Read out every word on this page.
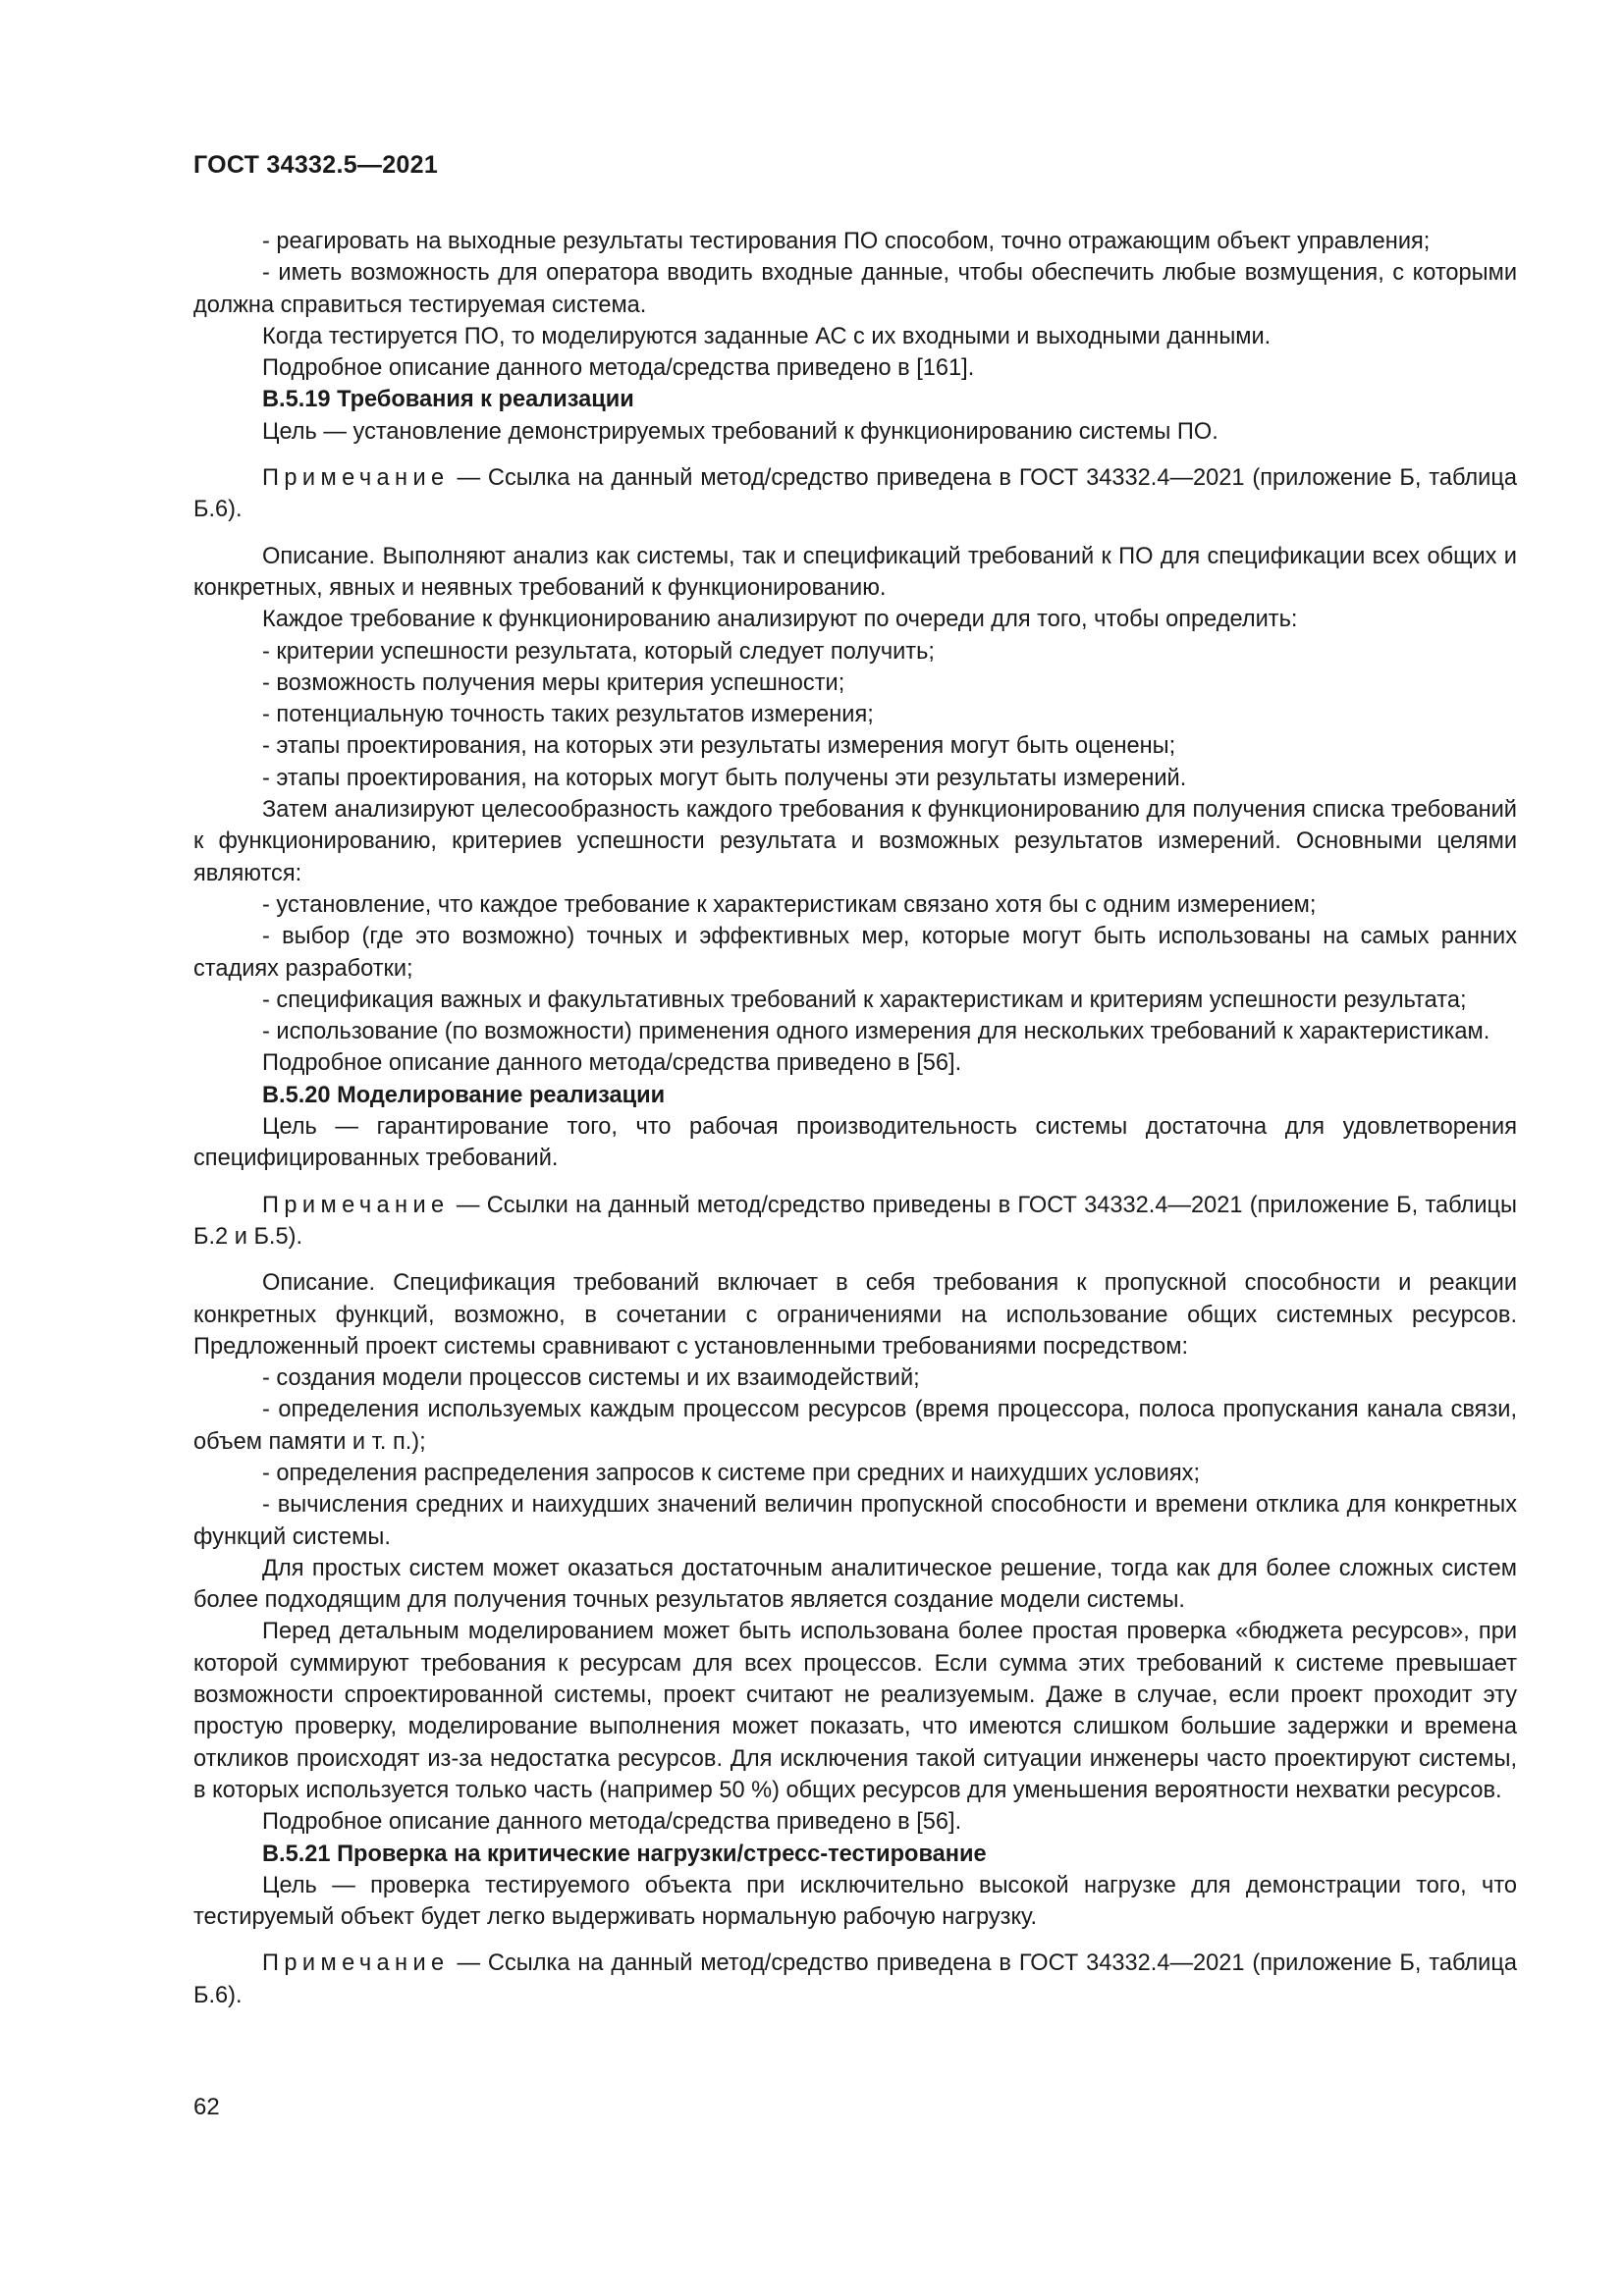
ГОСТ 34332.5—2021

- реагировать на выходные результаты тестирования ПО способом, точно отражающим объект управления;

- иметь возможность для оператора вводить входные данные, чтобы обеспечить любые возмущения, с которыми должна справиться тестируемая система.

Когда тестируется ПО, то моделируются заданные АС с их входными и выходными данными.

Подробное описание данного метода/средства приведено в [161].

В.5.19 Требования к реализации

Цель — установление демонстрируемых требований к функционированию системы ПО.

Примечание — Ссылка на данный метод/средство приведена в ГОСТ 34332.4—2021 (приложение Б, таблица Б.6).

Описание. Выполняют анализ как системы, так и спецификаций требований к ПО для спецификации всех общих и конкретных, явных и неявных требований к функционированию.

Каждое требование к функционированию анализируют по очереди для того, чтобы определить:

- критерии успешности результата, который следует получить;

- возможность получения меры критерия успешности;

- потенциальную точность таких результатов измерения;

- этапы проектирования, на которых эти результаты измерения могут быть оценены;

- этапы проектирования, на которых могут быть получены эти результаты измерений.

Затем анализируют целесообразность каждого требования к функционированию для получения списка требований к функционированию, критериев успешности результата и возможных результатов измерений. Основными целями являются:

- установление, что каждое требование к характеристикам связано хотя бы с одним измерением;

- выбор (где это возможно) точных и эффективных мер, которые могут быть использованы на самых ранних стадиях разработки;

- спецификация важных и факультативных требований к характеристикам и критериям успешности результата;

- использование (по возможности) применения одного измерения для нескольких требований к характеристикам.

Подробное описание данного метода/средства приведено в [56].

В.5.20 Моделирование реализации

Цель — гарантирование того, что рабочая производительность системы достаточна для удовлетворения специфицированных требований.

Примечание — Ссылки на данный метод/средство приведены в ГОСТ 34332.4—2021 (приложение Б, таблицы Б.2 и Б.5).

Описание. Спецификация требований включает в себя требования к пропускной способности и реакции конкретных функций, возможно, в сочетании с ограничениями на использование общих системных ресурсов. Предложенный проект системы сравнивают с установленными требованиями посредством:

- создания модели процессов системы и их взаимодействий;

- определения используемых каждым процессом ресурсов (время процессора, полоса пропускания канала связи, объем памяти и т. п.);

- определения распределения запросов к системе при средних и наихудших условиях;

- вычисления средних и наихудших значений величин пропускной способности и времени отклика для конкретных функций системы.

Для простых систем может оказаться достаточным аналитическое решение, тогда как для более сложных систем более подходящим для получения точных результатов является создание модели системы.

Перед детальным моделированием может быть использована более простая проверка «бюджета ресурсов», при которой суммируют требования к ресурсам для всех процессов. Если сумма этих требований к системе превышает возможности спроектированной системы, проект считают не реализуемым. Даже в случае, если проект проходит эту простую проверку, моделирование выполнения может показать, что имеются слишком большие задержки и времена откликов происходят из-за недостатка ресурсов. Для исключения такой ситуации инженеры часто проектируют системы, в которых используется только часть (например 50 %) общих ресурсов для уменьшения вероятности нехватки ресурсов.

Подробное описание данного метода/средства приведено в [56].

В.5.21 Проверка на критические нагрузки/стресс-тестирование

Цель — проверка тестируемого объекта при исключительно высокой нагрузке для демонстрации того, что тестируемый объект будет легко выдерживать нормальную рабочую нагрузку.

Примечание — Ссылка на данный метод/средство приведена в ГОСТ 34332.4—2021 (приложение Б, таблица Б.6).

62
